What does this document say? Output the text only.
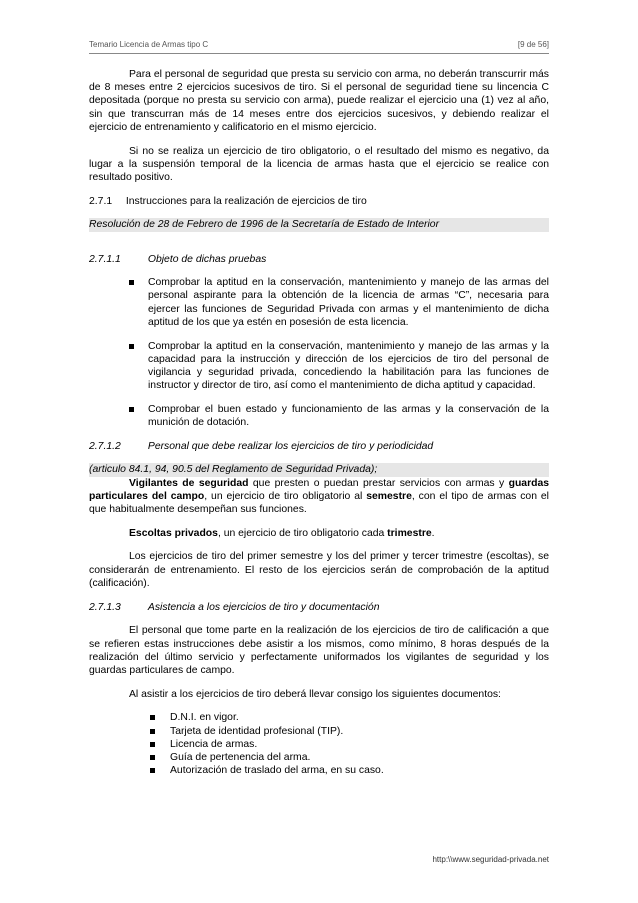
Temario Licencia de Armas tipo C	[9 de 56]

Para el personal de seguridad que presta su servicio con arma, no deberán transcurrir más de 8 meses entre 2 ejercicios sucesivos de tiro. Si el personal de seguridad tiene su lincencia C depositada (porque no presta su servicio con arma), puede realizar el ejercicio una (1) vez al año, sin que transcurran más de 14 meses entre dos ejercicios sucesivos, y debiendo realizar el ejercicio de entrenamiento y calificatorio en el mismo ejercicio.

Si no se realiza un ejercicio de tiro obligatorio, o el resultado del mismo es negativo, da lugar a la suspensión temporal de la licencia de armas hasta que el ejercicio se realice con resultado positivo.

2.7.1 Instrucciones para la realización de ejercicios de tiro
Resolución de 28 de Febrero de 1996 de la Secretaría de Estado de Interior
2.7.1.1	Objeto de dichas pruebas
Comprobar la aptitud en la conservación, mantenimiento y manejo de las armas del personal aspirante para la obtención de la licencia de armas “C”, necesaria para ejercer las funciones de Seguridad Privada con armas y el mantenimiento de dicha aptitud de los que ya estén en posesión de esta licencia.
Comprobar la aptitud en la conservación, mantenimiento y manejo de las armas y la capacidad para la instrucción y dirección de los ejercicios de tiro del personal de vigilancia y seguridad privada, concediendo la habilitación para las funciones de instructor y director de tiro, así como el mantenimiento de dicha aptitud y capacidad.
Comprobar el buen estado y funcionamiento de las armas y la conservación de la munición de dotación.
2.7.1.2	Personal que debe realizar los ejercicios de tiro y periodicidad
(articulo 84.1, 94, 90.5 del Reglamento de Seguridad Privada);

Vigilantes de seguridad que presten o puedan prestar servicios con armas y guardas particulares del campo, un ejercicio de tiro obligatorio al semestre, con el tipo de armas con el que habitualmente desempeñan sus funciones.

Escoltas privados, un ejercicio de tiro obligatorio cada trimestre.

Los ejercicios de tiro del primer semestre y los del primer y tercer trimestre (escoltas), se considerarán de entrenamiento. El resto de los ejercicios serán de comprobación de la aptitud (calificación).

2.7.1.3	Asistencia a los ejercicios de tiro y documentación

El personal que tome parte en la realización de los ejercicios de tiro de calificación a que se refieren estas instrucciones debe asistir a los mismos, como mínimo, 8 horas después de la realización del último servicio y perfectamente uniformados los vigilantes de seguridad y los guardas particulares de campo.

Al asistir a los ejercicios de tiro deberá llevar consigo los siguientes documentos:

D.N.I. en vigor.
Tarjeta de identidad profesional (TIP).
Licencia de armas.
Guía de pertenencia del arma.
Autorización de traslado del arma, en su caso.
http:\\www.seguridad-privada.net
